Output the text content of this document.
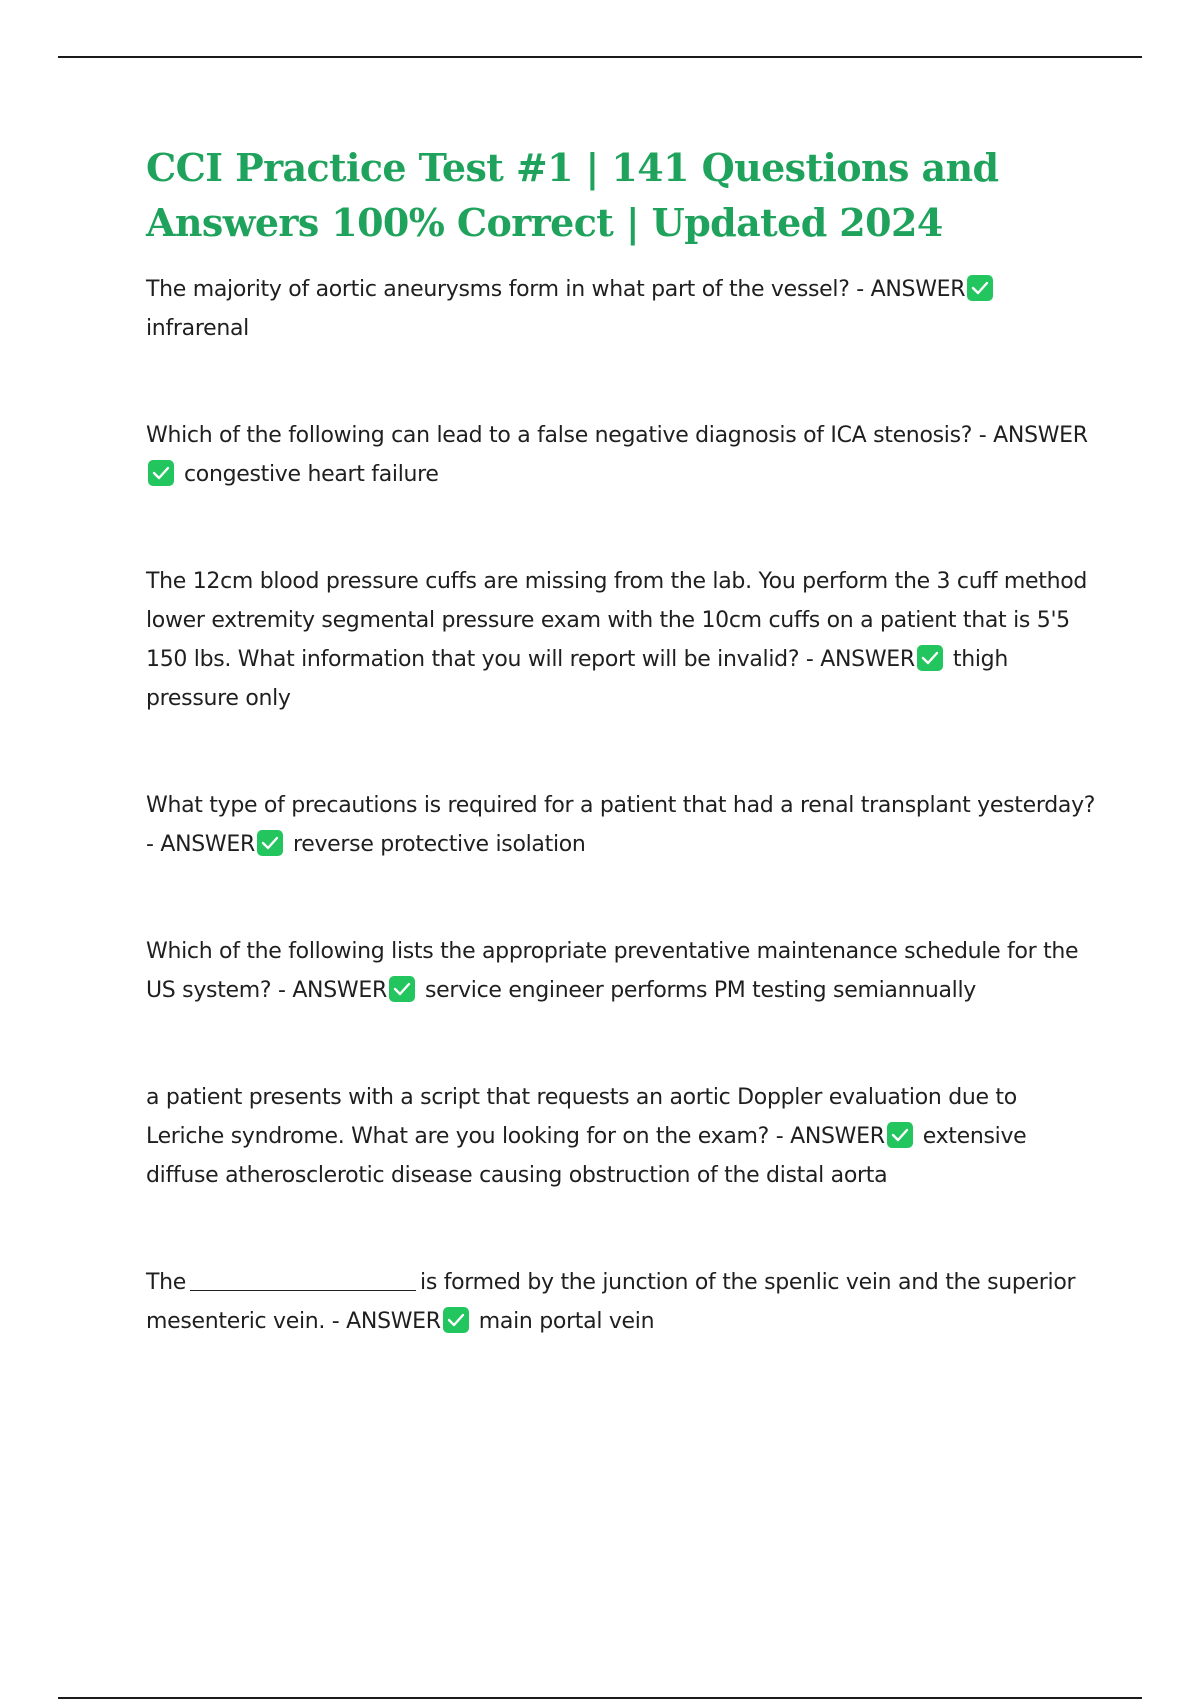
CCI Practice Test #1 | 141 Questions and Answers 100% Correct | Updated 2024

The majority of aortic aneurysms form in what part of the vessel? - ANSWER
infrarenal

Which of the following can lead to a false negative diagnosis of ICA stenosis? - ANSWER
congestive heart failure

The 12cm blood pressure cuffs are missing from the lab. You perform the 3 cuff method lower extremity segmental pressure exam with the 10cm cuffs on a patient that is 5'5 150 lbs. What information that you will report will be invalid? - ANSWER thigh pressure only

What type of precautions is required for a patient that had a renal transplant yesterday? - ANSWER reverse protective isolation

Which of the following lists the appropriate preventative maintenance schedule for the US system? - ANSWER service engineer performs PM testing semiannually

a patient presents with a script that requests an aortic Doppler evaluation due to Leriche syndrome. What are you looking for on the exam? - ANSWER extensive diffuse atherosclerotic disease causing obstruction of the distal aorta

The	is formed by the junction of the spenlic vein and the superior mesenteric vein. - ANSWER main portal vein
